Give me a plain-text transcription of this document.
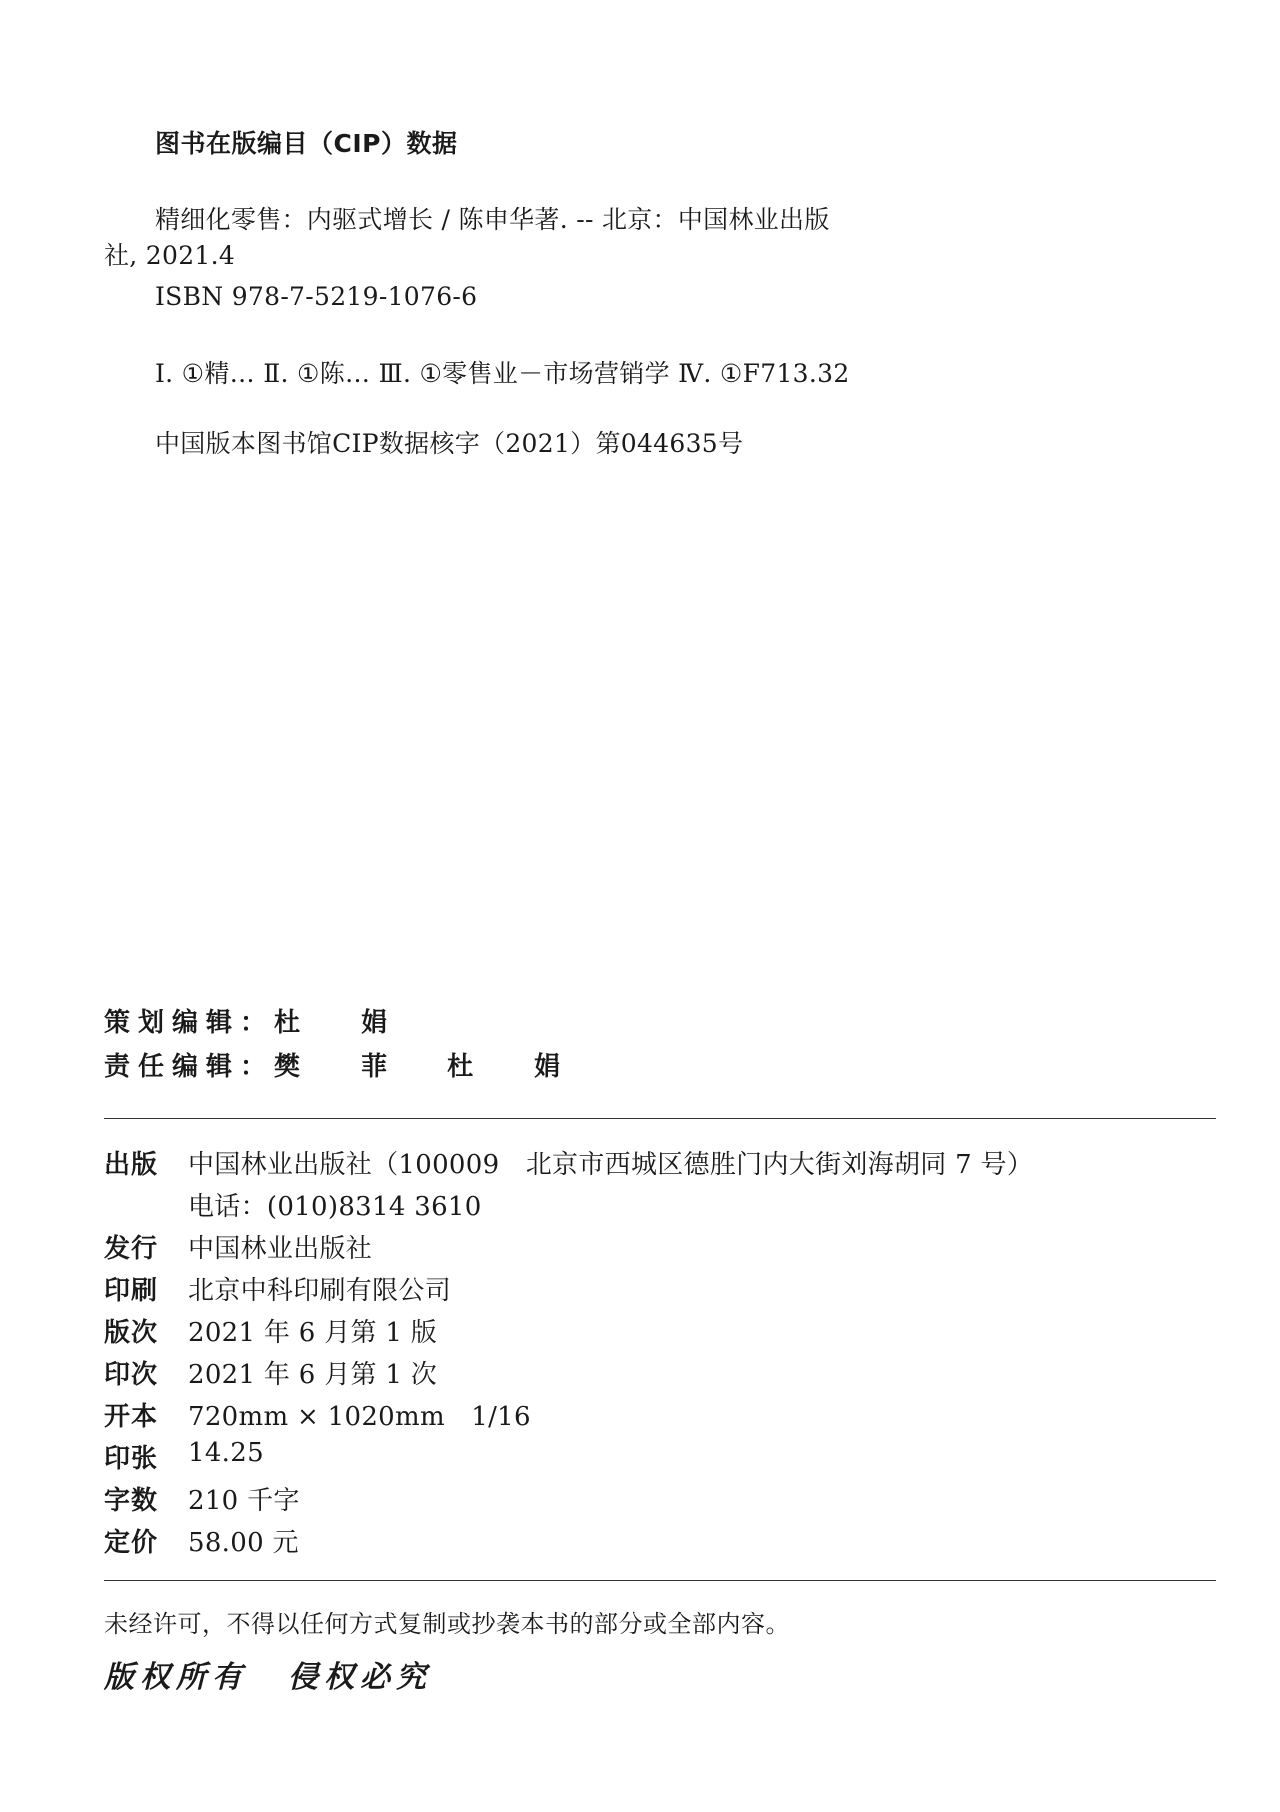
图书在版编目（CIP）数据
精细化零售：内驱式增长 / 陈申华著. -- 北京：中国林业出版
社, 2021.4
ISBN 978-7-5219-1076-6
Ⅰ. ①精… Ⅱ. ①陈… Ⅲ. ①零售业－市场营销学 Ⅳ. ①F713.32
中国版本图书馆CIP数据核字（2021）第044635号
策划编辑：杜 娟
责任编辑：樊 菲 杜 娟
出版	中国林业出版社（100009　北京市西城区德胜门内大街刘海胡同 7 号）
电话：(010)8314 3610
发行	中国林业出版社
印刷	北京中科印刷有限公司
版次	2021 年 6 月第 1 版
印次	2021 年 6 月第 1 次
开本	720mm × 1020mm　1/16
印张	14.25
字数	210 千字
定价	58.00 元
未经许可，不得以任何方式复制或抄袭本书的部分或全部内容。
版权所有 侵权必究
